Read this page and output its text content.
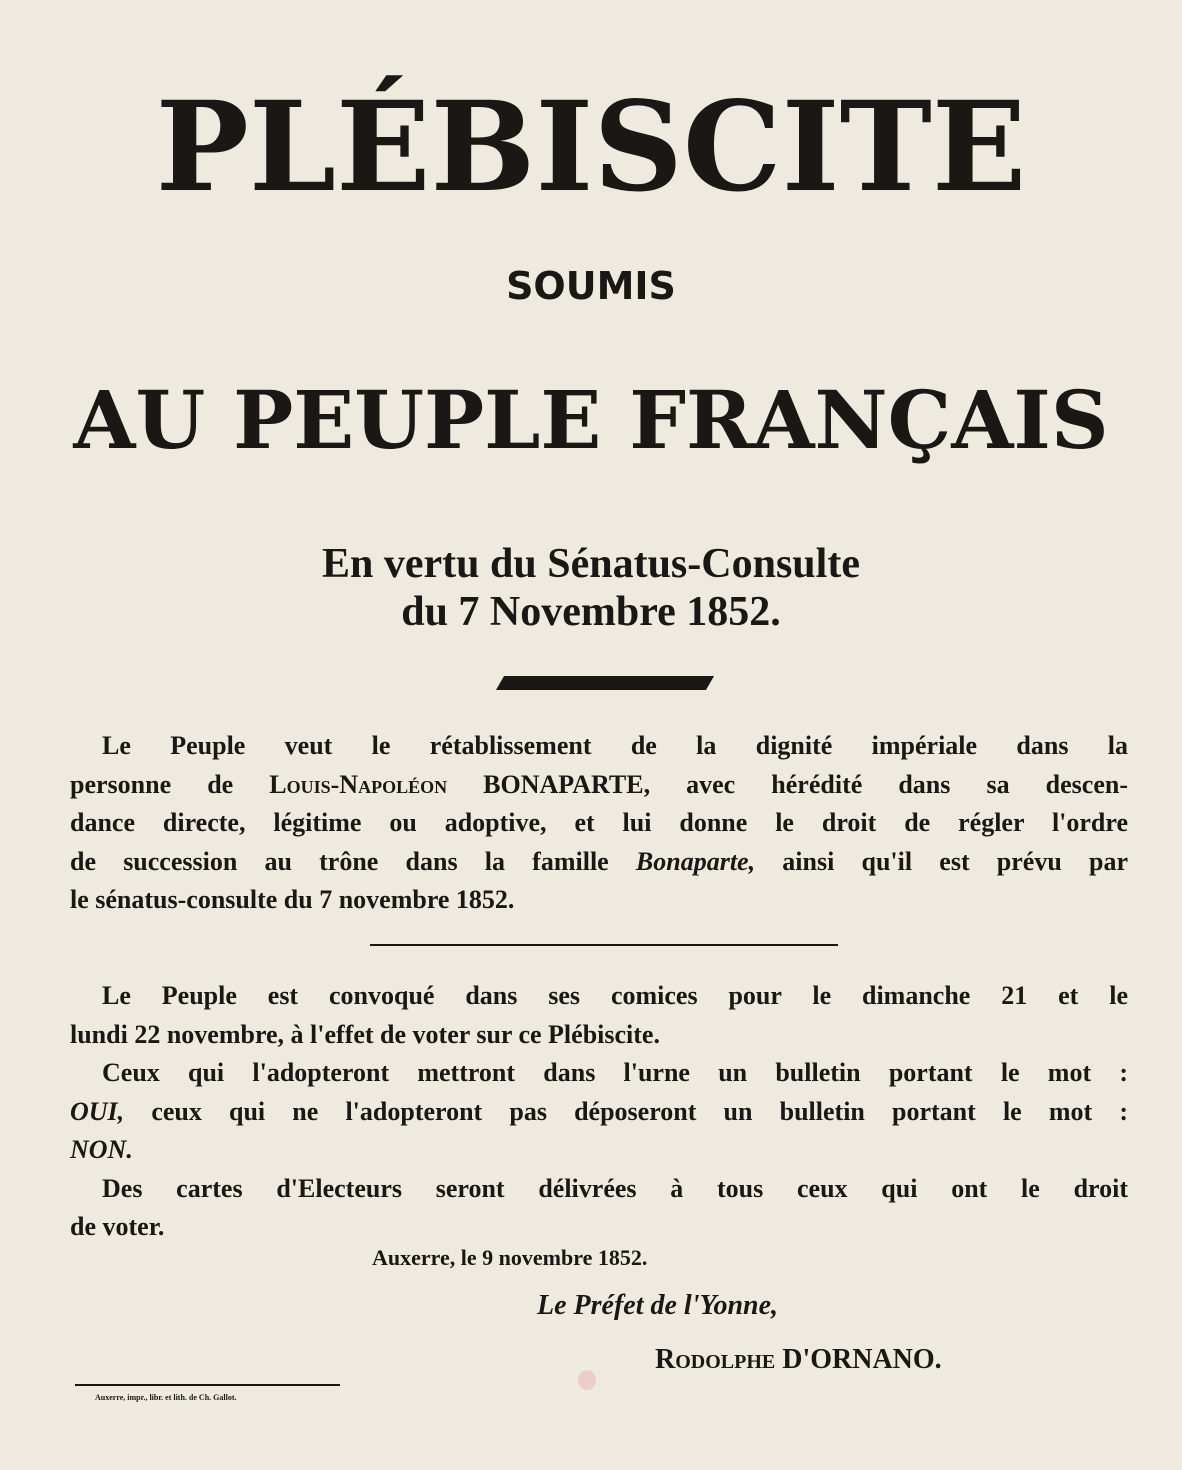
PLÉBISCITE
SOUMIS
AU PEUPLE FRANÇAIS
En vertu du Sénatus-Consulte
du 7 Novembre 1852.
Le Peuple veut le rétablissement de la dignité impériale dans la
personne de Louis-Napoléon BONAPARTE, avec hérédité dans sa descen-
dance directe, légitime ou adoptive, et lui donne le droit de régler l'ordre
de succession au trône dans la famille Bonaparte, ainsi qu'il est prévu par
le sénatus-consulte du 7 novembre 1852.
Le Peuple est convoqué dans ses comices pour le dimanche 21 et le
lundi 22 novembre, à l'effet de voter sur ce Plébiscite.
Ceux qui l'adopteront mettront dans l'urne un bulletin portant le mot :
OUI, ceux qui ne l'adopteront pas déposeront un bulletin portant le mot :
NON.
Des cartes d'Electeurs seront délivrées à tous ceux qui ont le droit
de voter.
Auxerre, le 9 novembre 1852.
Le Préfet de l'Yonne,
Rodolphe D'ORNANO.
Auxerre, impr., libr. et lith. de Ch. Gallot.
